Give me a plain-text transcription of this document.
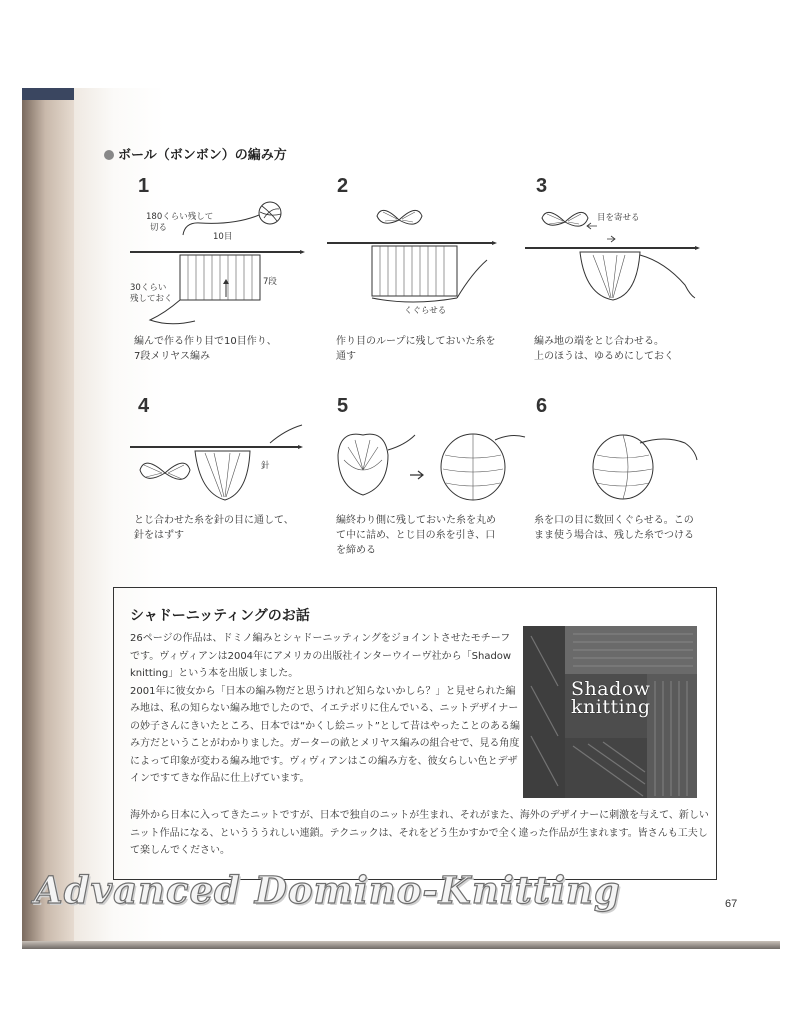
ボール（ボンボン）の編み方
1
180くらい残して
切る
10目
30くらい
残しておく
7段
編んで作る作り目で10目作り、
7段メリヤス編み
2
くぐらせる
作り目のループに残しておいた糸を
通す
3
目を寄せる
編み地の端をとじ合わせる。
上のほうは、ゆるめにしておく
4
針
とじ合わせた糸を針の目に通して、
針をはずす
5
編終わり側に残しておいた糸を丸め
て中に詰め、とじ目の糸を引き、口
を締める
6
糸を口の目に数回くぐらせる。この
まま使う場合は、残した糸でつける
シャドーニッティングのお話

26ページの作品は、ドミノ編みとシャドーニッティングをジョイントさせたモチーフです。ヴィヴィアンは2004年にアメリカの出版社インターウイーヴ社から「Shadow knitting」という本を出版しました。

2001年に彼女から「日本の編み物だと思うけれど知らないかしら？」と見せられた編み地は、私の知らない編み地でしたので、イエテボリに住んでいる、ニットデザイナーの妙子さんにきいたところ、日本では“かくし絵ニット”として昔はやったことのある編み方だということがわかりました。ガーターの畝とメリヤス編みの組合せで、見る角度によって印象が変わる編み地です。ヴィヴィアンはこの編み方を、彼女らしい色とデザインですてきな作品に仕上げています。

海外から日本に入ってきたニットですが、日本で独自のニットが生まれ、それがまた、海外のデザイナーに刺激を与えて、新しいニット作品になる、というううれしい連鎖。テクニックは、それをどう生かすかで全く違った作品が生まれます。皆さんも工夫して楽しんでください。

Shadow knitting
Advanced Domino-Knitting	67
